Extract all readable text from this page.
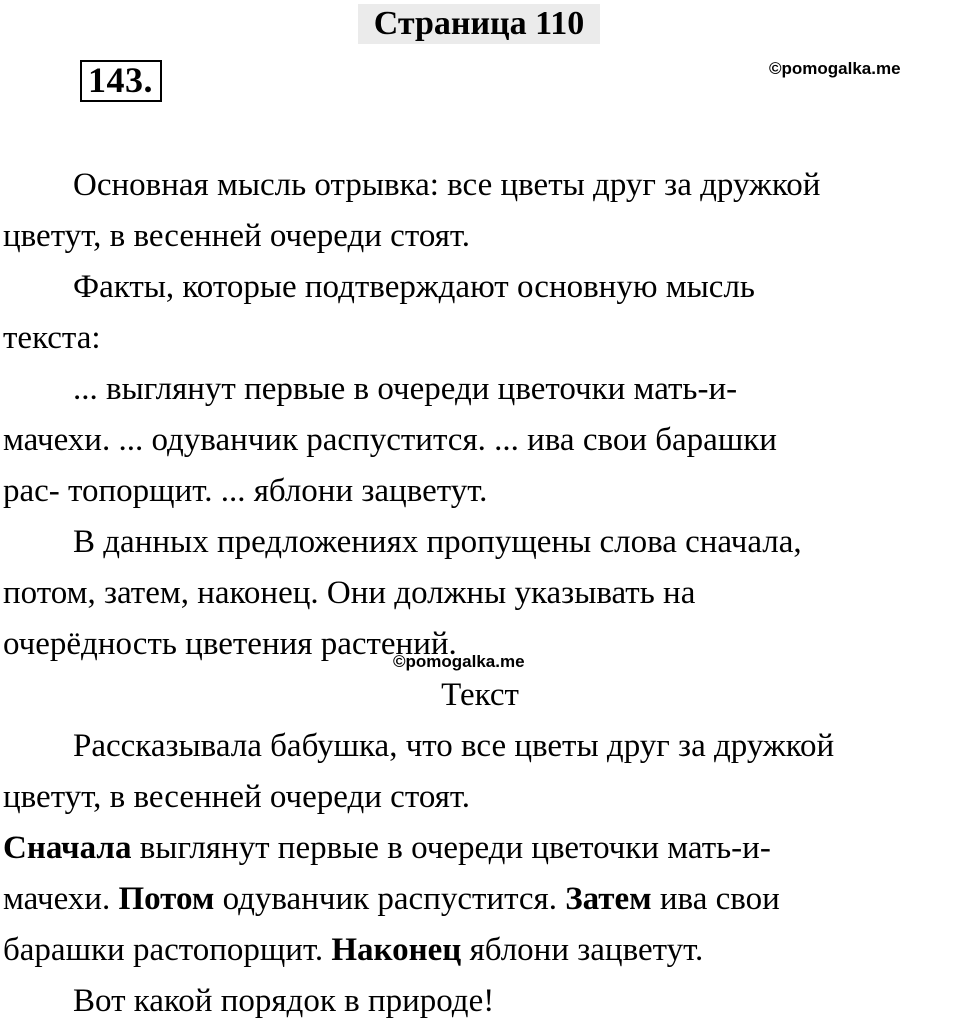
Страница 110
143.	©pomogalka.me

Основная мысль отрывка: все цветы друг за дружкой

цветут, в весенней очереди стоят.

Факты, которые подтверждают основную мысль

текста:

... выглянут первые в очереди цветочки мать-и-

мачехи. ... одуванчик распустится. ... ива свои барашки

рас- топорщит. ... яблони зацветут.

В данных предложениях пропущены слова сначала,

потом, затем, наконец. Они должны указывать на

очерёдность цветения растений.

Текст

Рассказывала бабушка, что все цветы друг за дружкой

цветут, в весенней очереди стоят.

Сначала выглянут первые в очереди цветочки мать-и-

мачехи. Потом одуванчик распустится. Затем ива свои

барашки растопорщит. Наконец яблони зацветут.

Вот какой порядок в природе!

©pomogalka.me
